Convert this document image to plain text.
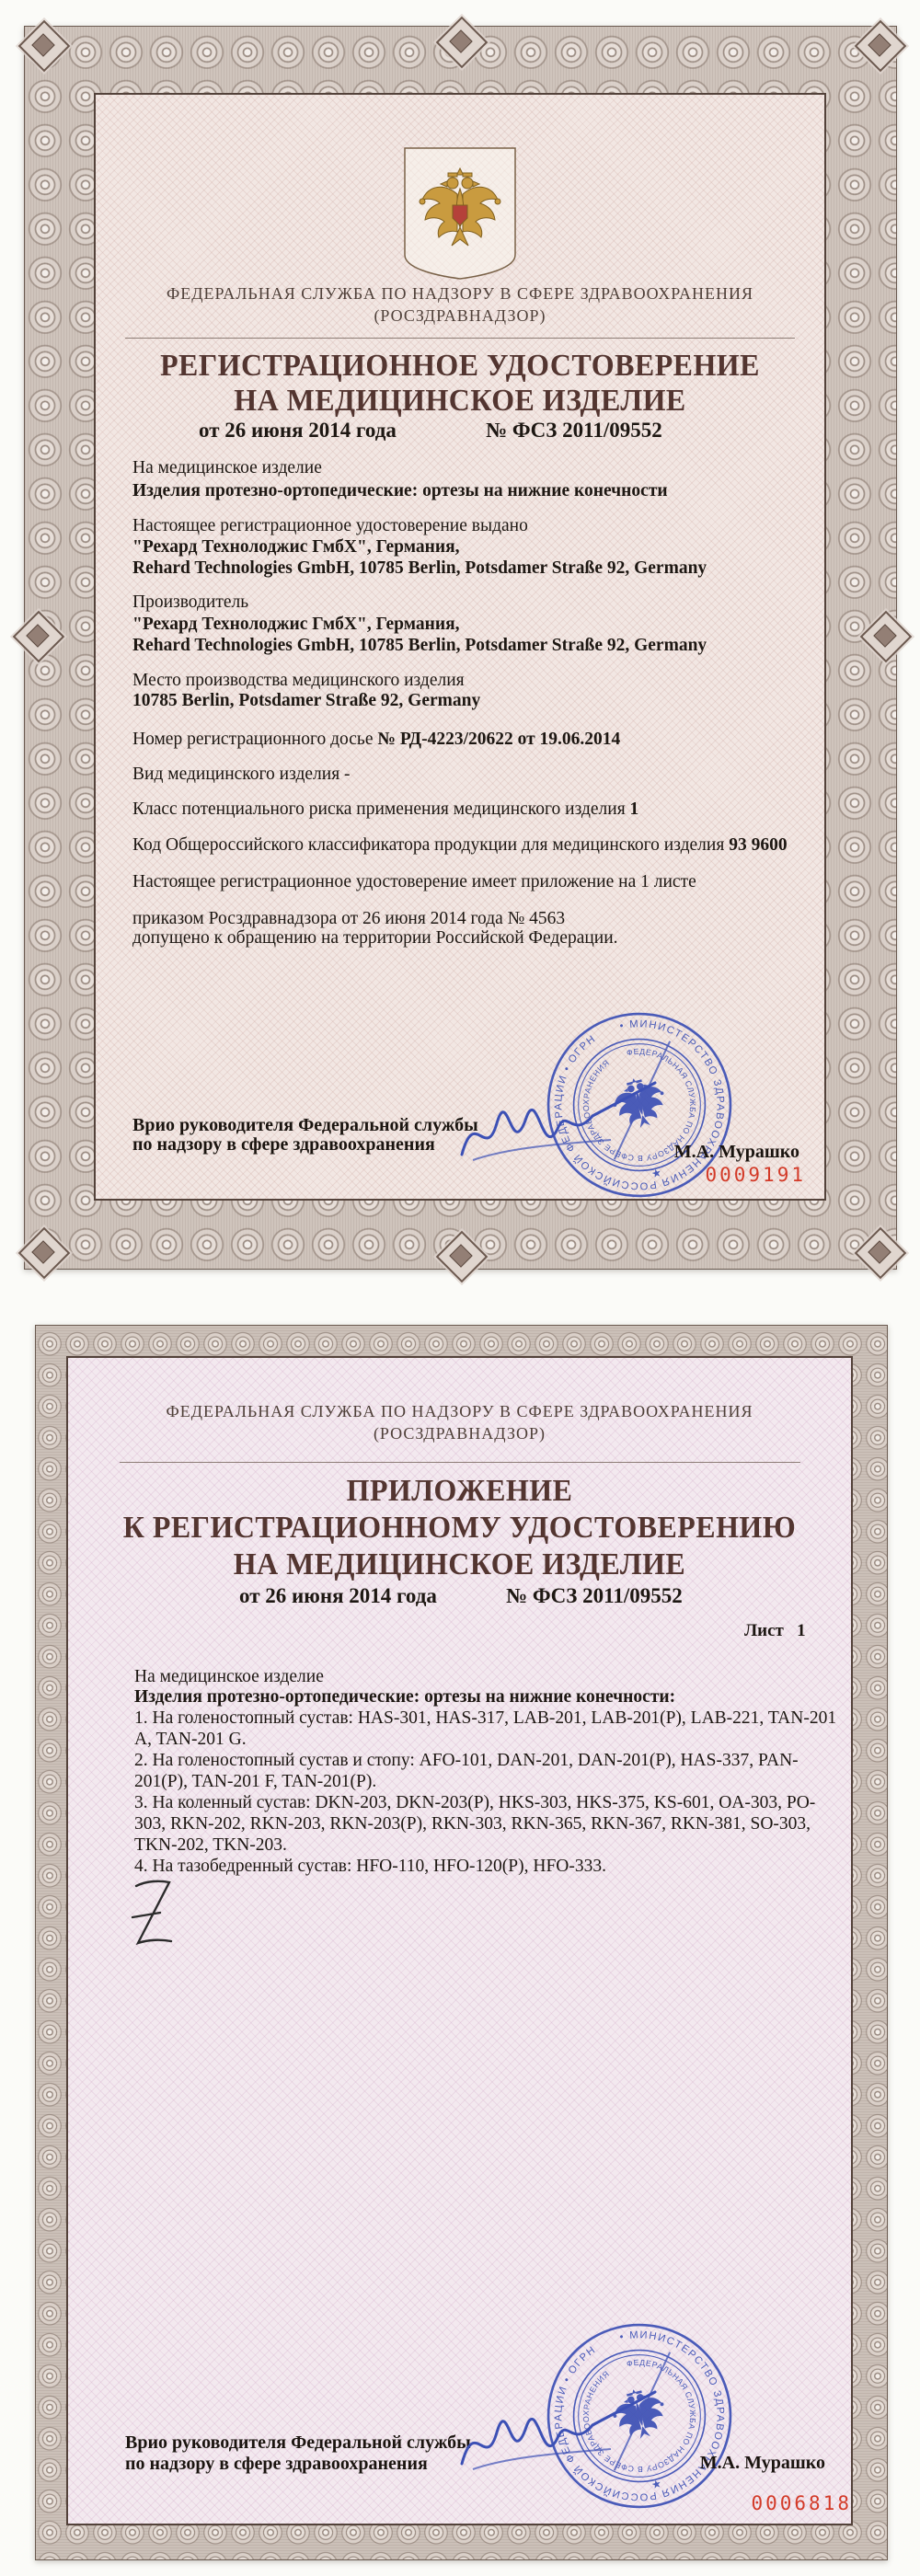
ФЕДЕРАЛЬНАЯ СЛУЖБА ПО НАДЗОРУ В СФЕРЕ ЗДРАВООХРАНЕНИЯ
(РОСЗДРАВНАДЗОР)
РЕГИСТРАЦИОННОЕ УДОСТОВЕРЕНИЕ
НА МЕДИЦИНСКОЕ ИЗДЕЛИЕ
от 26 июня 2014 года	№ ФСЗ 2011/09552
На медицинское изделие
Изделия протезно-ортопедические: ортезы на нижние конечности
Настоящее регистрационное удостоверение выдано
"Рехард Технолоджис ГмбХ", Германия,
Rehard Technologies GmbH, 10785 Berlin, Potsdamer Straße 92, Germany
Производитель
"Рехард Технолоджис ГмбХ", Германия,
Rehard Technologies GmbH, 10785 Berlin, Potsdamer Straße 92, Germany
Место производства медицинского изделия
10785 Berlin, Potsdamer Straße 92, Germany
Номер регистрационного досье № РД-4223/20622 от 19.06.2014
Вид медицинского изделия -
Класс потенциального риска применения медицинского изделия 1
Код Общероссийского классификатора продукции для медицинского изделия 93 9600
Настоящее регистрационное удостоверение имеет приложение на 1 листе
приказом Росздравнадзора от 26 июня 2014 года № 4563
допущено к обращению на территории Российской Федерации.
Врио руководителя Федеральной службы
по надзору в сфере здравоохранения	М.А. Мурашко
0009191
ФЕДЕРАЛЬНАЯ СЛУЖБА ПО НАДЗОРУ В СФЕРЕ ЗДРАВООХРАНЕНИЯ
(РОСЗДРАВНАДЗОР)
ПРИЛОЖЕНИЕ
К РЕГИСТРАЦИОННОМУ УДОСТОВЕРЕНИЮ
НА МЕДИЦИНСКОЕ ИЗДЕЛИЕ
от 26 июня 2014 года	№ ФСЗ 2011/09552
Лист   1
На медицинское изделие
Изделия протезно-ортопедические: ортезы на нижние конечности:
1. На голеностопный сустав: HAS-301, HAS-317, LAB-201, LAB-201(P), LAB-221, TAN-201 A, TAN-201 G.
2. На голеностопный сустав и стопу: AFO-101, DAN-201, DAN-201(P), HAS-337, PAN-201(P), TAN-201 F, TAN-201(P).
3. На коленный сустав: DKN-203, DKN-203(P), HKS-303, HKS-375, KS-601, OA-303, PO-303, RKN-202, RKN-203, RKN-203(P), RKN-303, RKN-365, RKN-367, RKN-381, SO-303, TKN-202, TKN-203.
4. На тазобедренный сустав: HFO-110, HFO-120(P), HFO-333.
Врио руководителя Федеральной службы
по надзору в сфере здравоохранения	М.А. Мурашко
0006818
